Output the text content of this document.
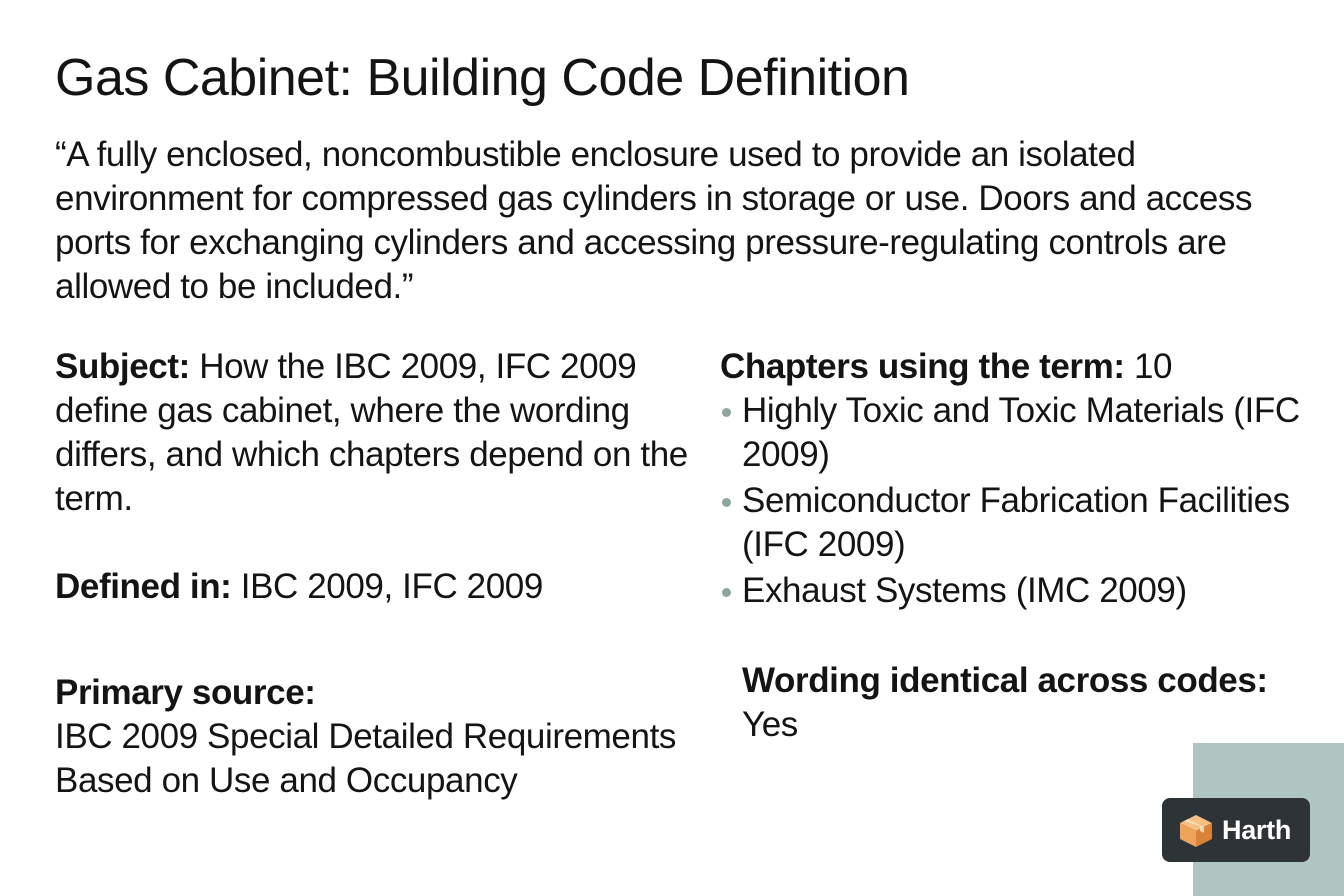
Gas Cabinet: Building Code Definition

“A fully enclosed, noncombustible enclosure used to provide an isolated environment for compressed gas cylinders in storage or use. Doors and access ports for exchanging cylinders and accessing pressure-regulating controls are allowed to be included.”

Subject: How the IBC 2009, IFC 2009 define gas cabinet, where the wording differs, and which chapters depend on the term.

Defined in: IBC 2009, IFC 2009

Primary source:
IBC 2009 Special Detailed Requirements Based on Use and Occupancy

Chapters using the term: 10

Highly Toxic and Toxic Materials (IFC 2009)
Semiconductor Fabrication Facilities (IFC 2009)
Exhaust Systems (IMC 2009)
Wording identical across codes:
Yes
Harth
